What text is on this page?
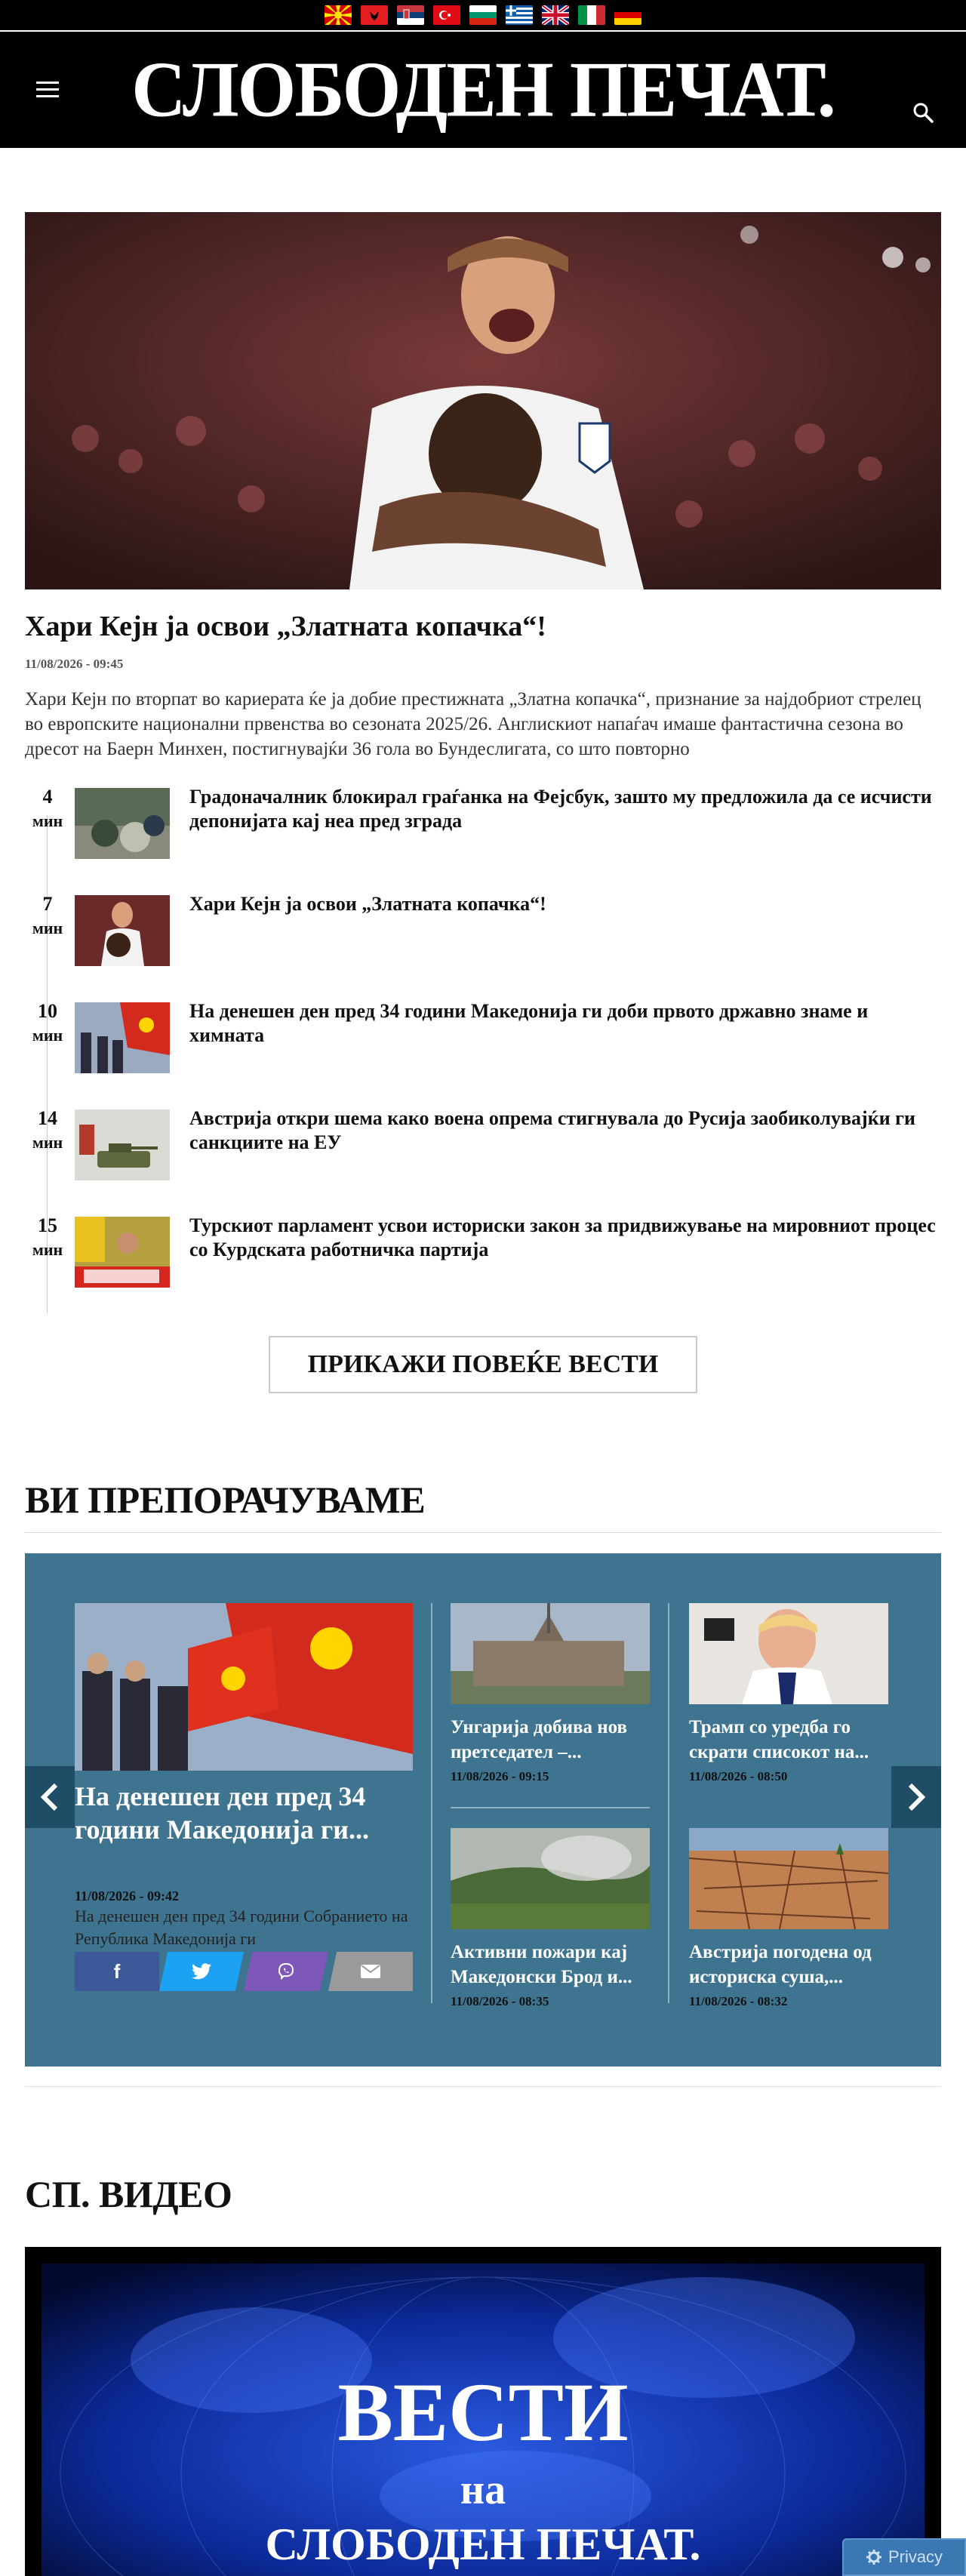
СЛОБОДЕН ПЕЧАТ.
Хари Кејн ја освои „Златната копачка“!
11/08/2026 - 09:45
Хари Кејн по вторпат во кариерата ќе ја добие престижната „Златна копачка“, признание за најдобриот стрелец во европските национални првенства во сезоната 2025/26. Англискиот напаѓач имаше фантастична сезона во дресот на Баерн Минхен, постигнувајќи 36 гола во Бундеслигата, со што повторно
4
мин
Градоначалник блокирал граѓанка на Фејсбук, зашто му предложила да се исчисти депонијата кај неа пред зграда
7
мин
Хари Кејн ја освои „Златната копачка“!
10
мин
На денешен ден пред 34 години Македонија ги доби првото државно знаме и химната
14
мин
Австрија откри шема како воена опрема стигнувала до Русија заобиколувајќи ги санкциите на ЕУ
15
мин
Турскиот парламент усвои историски закон за придвижување на мировниот процес со Курдската работничка партија
ПРИКАЖИ ПОВЕЌЕ ВЕСТИ
ВИ ПРЕПОРАЧУВАМЕ
На денешен ден пред 34 години Македонија ги...
11/08/2026 - 09:42
На денешен ден пред 34 години Собранието на Република Македонија ги
f
Унгарија добива нов претседател –...
11/08/2026 - 09:15
Трамп со уредба го скрати списокот на...
11/08/2026 - 08:50
Активни пожари кај Македонски Брод и...
11/08/2026 - 08:35
Австрија погодена од историска суша,...
11/08/2026 - 08:32
СП. ВИДЕО
ВЕСТИ
на
СЛОБОДЕН ПЕЧАТ.	Privacy
